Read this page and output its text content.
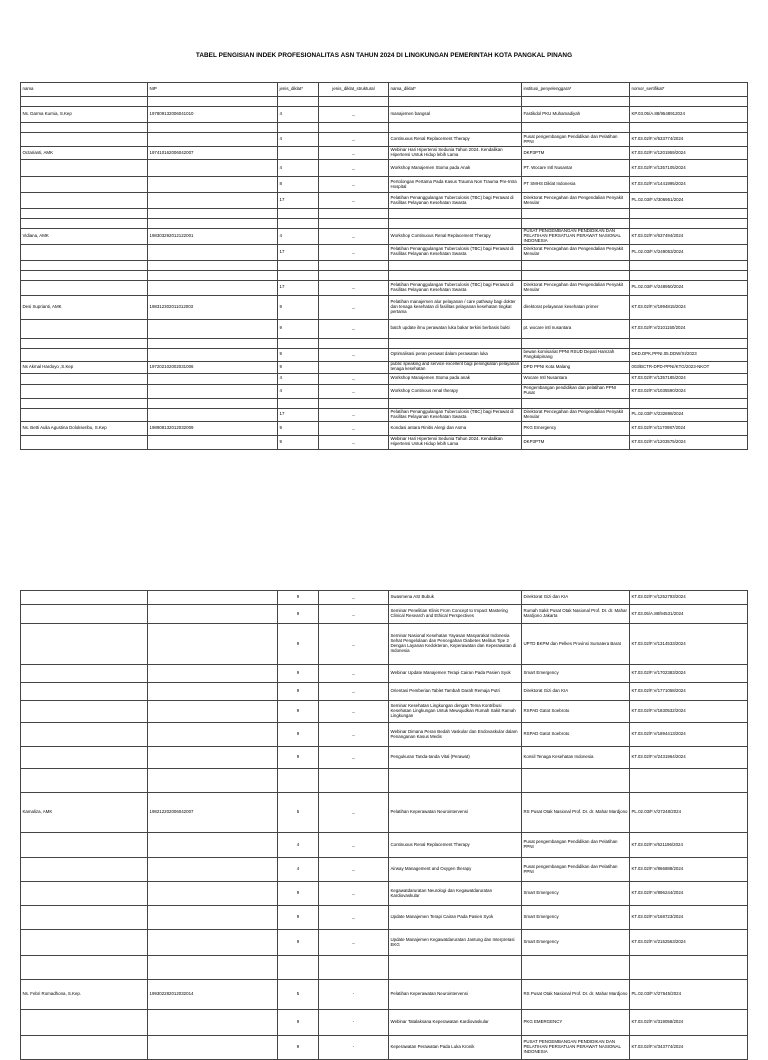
TABEL PENGISIAN INDEK PROFESIONALITAS ASN TAHUN 2024 DI LINGKUNGAN PEMERINTAH KOTA PANGKAL PINANG

nama	NIP	jenis_diklat*	jenis_diklat_struktural	nama_diklat*	institusi_penyelenggara*	nomor_sertifikat*

Ns. Darma Kurnia, S.Kep	197809132006041010	4	_	manajemen bangsal	Fastikdol PKU Muhamadiyah	KP.03.05/A.88/9548912024

		4	_	Continuous Renal Replacement Therapy	Pusat pengembangan Pendidikan dan Pelatihan PPNI	KT.03.02/F.V/633774/2024
Octarianti, AMK	197410162006042007		_	Webinar Hari Hipertensi Sedunia Tahun 2024. Kendalikan Hipertensi Untuk Hidup lebih Lama	DKP3PTM	KT.03.02/F.V/1201959/2024
		4	_	Workshop Manajemen Stoma pada Anak	PT. Wocare Intl Nusantar	KT.03.02/F.V/1357105/2024
		8	_	Pertolongan Pertama Pada Kasus Trauma Non Trauma Pre-Intra Hospital	PT SMHS Diklat Indonesia	KT.03.02/F.V/1441995/2024
		17	_	Pelatihan Penanggulangan Tuberculosis (TBC) bagi Perawat di Fasilitas Pelayanan Kesehatan Swasta	Direktorat Pencegahan dan Pengendalian Penyakit Menular	PL.02.03/F.V/306951/2024

Vidiana, AMK	198303292012122001	4	_	Workshop Continuous Renal Replacement Therapy	PUSAT PENGEMBANGAN PENDIDIKAN DAN PELATIHAN PERSATUAN PERAWAT NASIONAL INDONESIA	KT.03.02/F.V/637494/2024
		17	_	Pelatihan Penanggulangan Tuberculosis (TBC) bagi Perawat di Fasilitas Pelayanan Kesehatan Swasta	Direktorat Pencegahan dan Pengendalian Penyakit Menular	PL.02.03/F.V/249053/2024

		17	_	Pelatihan Penanggulangan Tuberculosis (TBC) bagi Perawat di Fasilitas Pelayanan Kesehatan Swasta	Direktorat Pencegahan dan Pengendalian Penyakit Menular	PL.02.03/F.V/248950/2024
Desi Suprianti, AMK	198312302011012003	9	_	Pelatihan manajemen alur pelayanan / care pathway bagi dokter dan tenaga kesehatan di fasilitas pelayanan kesehatan tingkat pertama	direktorat pelayanan kesehatan primer	KT.03.02/F.V/1994815/2024
		9	_	batch update ilmu perawatan luka bakar terkini berbasis bukti	pt. wocare intl nusantara	KT.03.02/F.V/2101150/2024

		9	_	Optimalisasi peran perawat dalam perawatan luka	bewan komisariat PPNI RSUD Depati Hamzah Pangkalpinang	DKD.DPK.PPNI.05.DDW/XI/2023
Ns Akmal Hardoyo ,S.Kep	197202102002031006	9		public speaking and service excellent bagi peningkatan pelayanan tenaga kesehatan	DPD PPNI Kota Malang	003/BCTR-DPD-PPNI/KTG/2023-NKOT
		4	_	Workshop Manajemen Stoma pada anak	Wocare Intl Nusantara	KT.03.02/F.V/1357185/2024
		4	_	Workshop Continous renal therapy	Pengembangan pendidikan dan pelatihan PPNI Pusat	KT.03.02/F.V/1035590/2024

		17	_	Pelatihan Penanggulangan Tuberculosis (TBC) bagi Perawat di Fasilitas Pelayanan Kesehatan Swasta	Direktorat Pencegahan dan Pengendalian Penyakit Menular	PL.02.03/F.V/232898/2024
Ns. Betti Aulia Agustina Dolokseribu, S.Kep	198908132012032009	9	_	Kondasi antara Rinitis Alergi dan Asma	PKG Emergency	KT.03.02/F.V/1170987/2024
		9	_	Webinar Hari Hipertensi Sedunia Tahun 2024. Kendalikan Hipertensi Untuk Hidup lebih Lama	DKP3PTM	KT.03.02/F.V/1203575/2024
		9	_	Swasmena ASI Bubuk	Direktorat Gizi dan KIA	KT.03.02/F.V/1252793/2024
		9	_	Seminar Penelitian Klinis From Concept to Impact Mastering Clinical Research and Ethical Perspectives	Rumah Sakit Pusat Otak Nasional Prof. Dr. dr. Mahar Mardjono Jakarta	KT.03.05/A.88/94531/2024
		9	_	Seminar Nasional Kesehatan Yayasan Masyarakat Indonesia Sehat Pengelolaan dan Pencegahan Diabetes Melitus Tipe 2 Dengan Layanan Kedokteran, Keperawatan dan Keperawatan di Indonesia	UPTD BKPM dan Pelkes Provinsi Sumatera Barat	KT.03.02/F.V/1314533/2024
		9	_	Webinar Update Manajemen Terapi Cairan Pada Pasien Syok	Smart Emergency	KT.03.02/F.V/1702383/2024
		9	_	Orientasi Pemberian Tablet Tambah Darah Remaja Putri	Direktorat Gizi dan KIA	KT.03.02/F.V/1771058/2024
		9	_	Seminar Kesehatan Lingkungan dengan Tema Kontribusi Kesehatan Lingkungan Untuk Mewujudkan Rumah Sakit Ramah Lingkungan	RSPAD Gatot Soebroto	KT.03.02/F.V/1830532/2024
		9	_	Webinar Dimana Peran Bedah Vaskular dan Endovaskular dalam Penanganan Kasus Medis	RSPAD Gatot Soebroto	KT.03.02/F.V/1894413/2024
		9	_	Pengukuran Tanda-tanda Vital (Perawat)	Konsil Tenaga Kesehatan Indonesia	KT.03.02/F.V/2431964/2024

Kamaliza, AMK	198212202006042007	5	_	Pelatihan Keperawatan Neurointervensi	RS Pusat Otak Nasional Prof. Dr. dr. Mahar Mardjono	PL.02.03/F.V/27248/2024
		4	_	Continuous Renal Replacement Therapy	Pusat pengembangan Pendidikan dan Pelatihan PPNI	KT.03.02/F.V/621196/2024
		4	_	Airway Management and Oxygen therapy	Pusat pengembangan Pendidikan dan Pelatihan PPNI	KT.03.02/F.V/866888/2024
		9	_	Kegawatdaruratan Neurologi dan Kegawatdaruratan Kardiovaskular	Smart Emergency	KT.03.02/F.V/896244/2024
		9	_	Update Manajemen Terapi Cairan Pada Pasien Syok	Smart Emergency	KT.03.02/F.V/168723/2024
		9	_	Update Manajemen Kegawatdaruratan Jantung dan Interpretasi EKG	Smart Emergency	KT.03.02/F.V/2152563/2024

Ns. Febri Romadhona, S.Kep.	199302282012032014	5	-	Pelatihan Keperawatan Neurointervensi	RS Pusat Otak Nasional Prof. Dr. dr. Mahar Mardjono	PL.02.03/F.V/27645/2024
		9	-	Webinar Tatalaksana Keperawatan Kardiovaskular	PKG EMERGENCY	KT.03.02/F.V/319058/2024
		9	-	Keperawatan Perawatan Pada Luka Kronik	PUSAT PENGEMBANGAN PENDIDIKAN DAN PELATIHAN PERSATUAN PERAWAT NASIONAL INDONESIA	KT.03.02/F.V/343774/2024
